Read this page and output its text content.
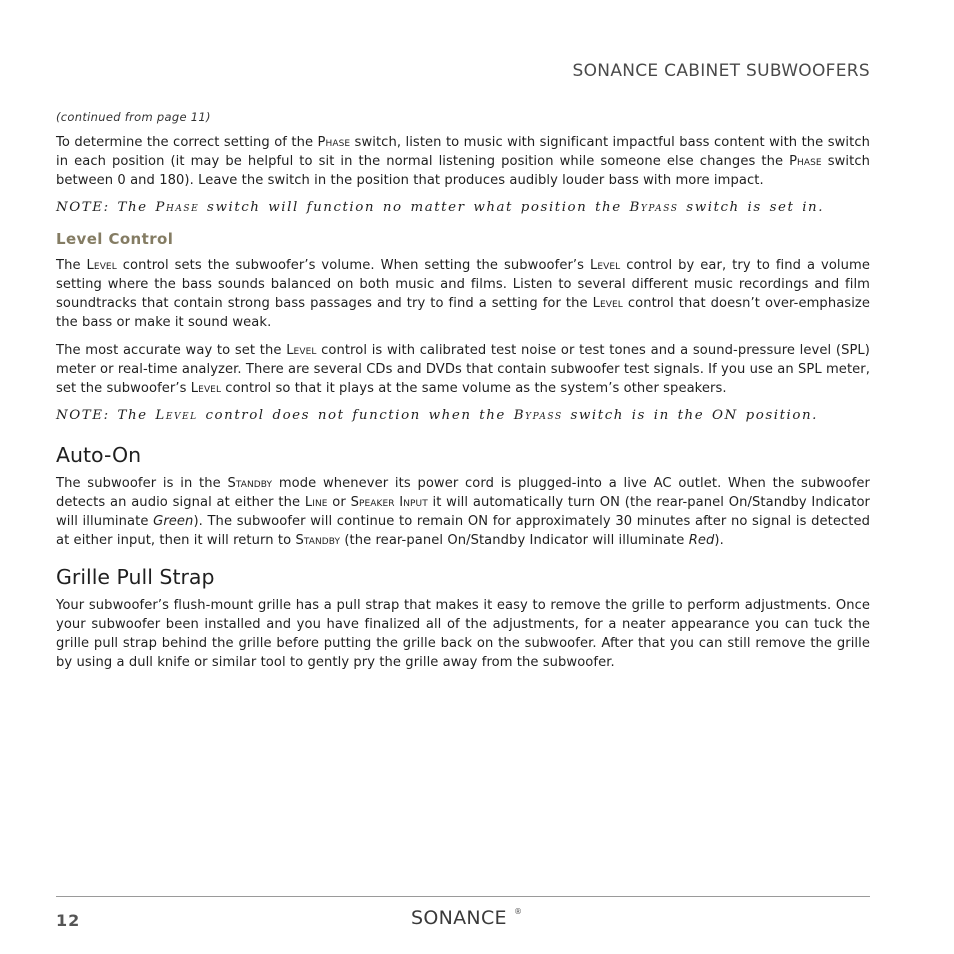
SONANCE CABINET SUBWOOFERS
(continued from page 11)

To determine the correct setting of the Phase switch, listen to music with significant impactful bass content with the switch in each position (it may be helpful to sit in the normal listening position while someone else changes the Phase switch between 0 and 180). Leave the switch in the position that produces audibly louder bass with more impact.

NOTE: The Phase switch will function no matter what position the Bypass switch is set in.

Level Control

The Level control sets the subwoofer’s volume. When setting the subwoofer’s Level control by ear, try to find a volume setting where the bass sounds balanced on both music and films. Listen to several different music recordings and film soundtracks that contain strong bass passages and try to find a setting for the Level control that doesn’t over-emphasize the bass or make it sound weak.

The most accurate way to set the Level control is with calibrated test noise or test tones and a sound-pressure level (SPL) meter or real-time analyzer. There are several CDs and DVDs that contain subwoofer test signals. If you use an SPL meter, set the subwoofer’s Level control so that it plays at the same volume as the system’s other speakers.

NOTE: The Level control does not function when the Bypass switch is in the ON position.

Auto-On

The subwoofer is in the Standby mode whenever its power cord is plugged-into a live AC outlet. When the subwoofer detects an audio signal at either the Line or Speaker Input it will automatically turn ON (the rear-panel On/Standby Indicator will illuminate Green). The subwoofer will continue to remain ON for approximately 30 minutes after no signal is detected at either input, then it will return to Standby (the rear-panel On/Standby Indicator will illuminate Red).

Grille Pull Strap

Your subwoofer’s flush-mount grille has a pull strap that makes it easy to remove the grille to perform adjustments. Once your subwoofer been installed and you have finalized all of the adjustments, for a neater appearance you can tuck the grille pull strap behind the grille before putting the grille back on the subwoofer. After that you can still remove the grille by using a dull knife or similar tool to gently pry the grille away from the subwoofer.

12	SONANCE ®
